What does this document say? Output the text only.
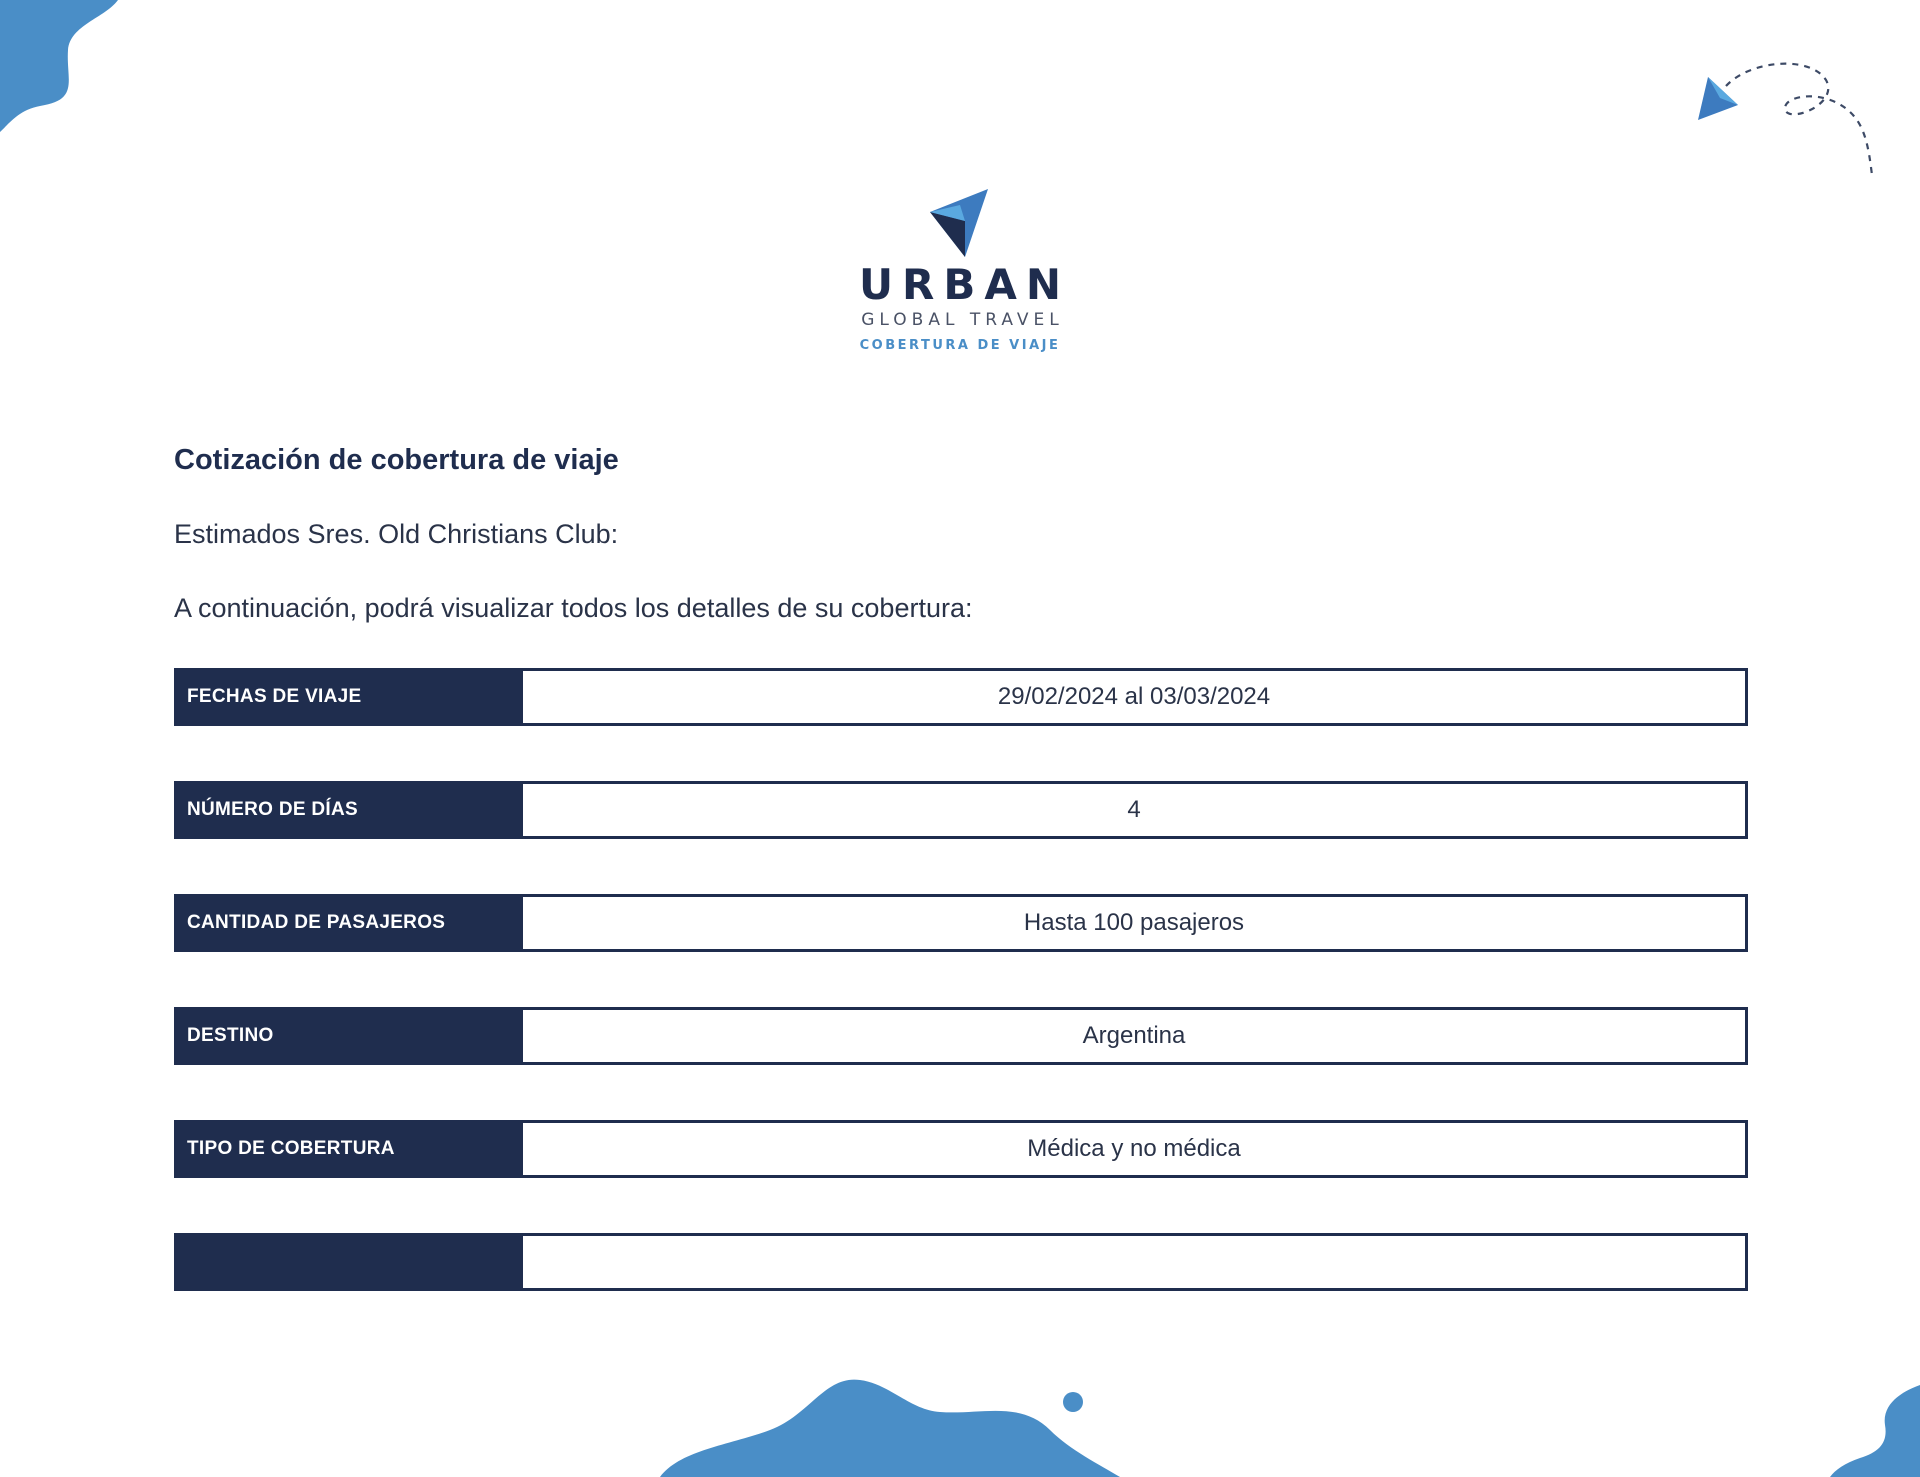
URBAN
GLOBAL TRAVEL
COBERTURA DE VIAJE
Cotización de cobertura de viaje

Estimados Sres. Old Christians Club:

A continuación, podrá visualizar todos los detalles de su cobertura:

FECHAS DE VIAJE	29/02/2024 al 03/03/2024
NÚMERO DE DÍAS	4
CANTIDAD DE PASAJEROS	Hasta 100 pasajeros
DESTINO	Argentina
TIPO DE COBERTURA	Médica y no médica
